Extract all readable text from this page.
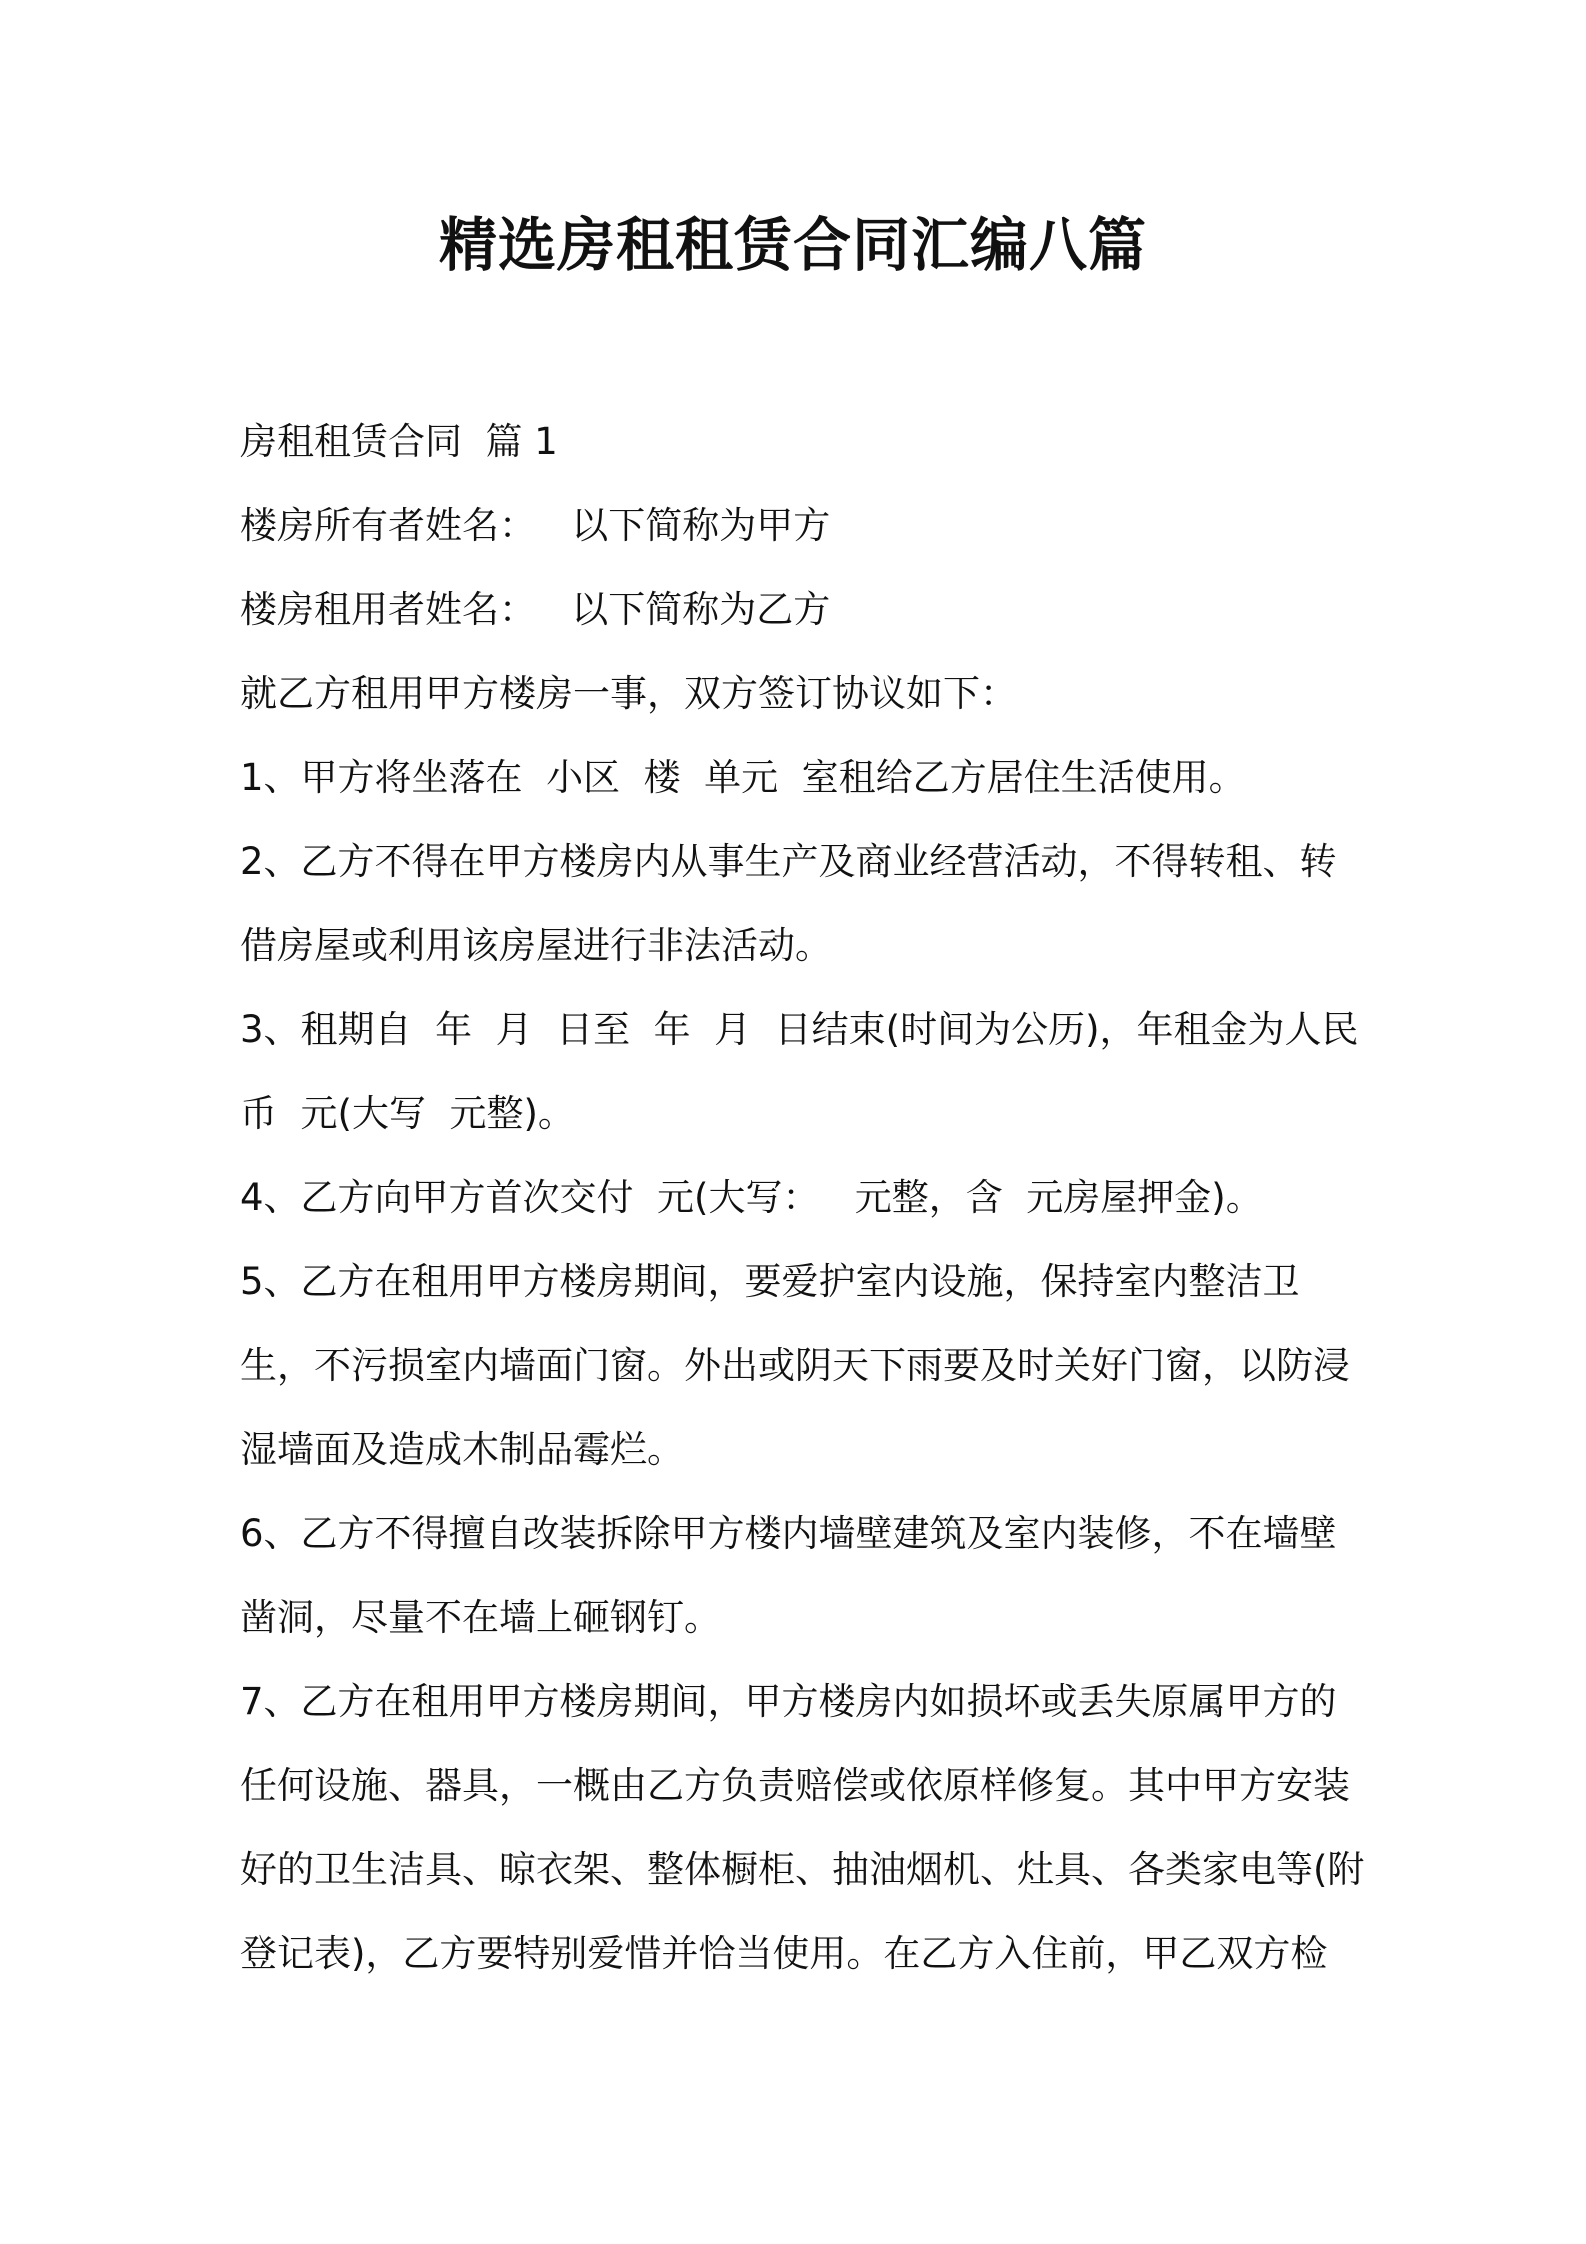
精选房租租赁合同汇编八篇

房租租赁合同  篇 1

楼房所有者姓名：   以下简称为甲方

楼房租用者姓名：   以下简称为乙方

就乙方租用甲方楼房一事，双方签订协议如下：

1、甲方将坐落在  小区  楼  单元  室租给乙方居住生活使用。

2、乙方不得在甲方楼房内从事生产及商业经营活动，不得转租、转借房屋或利用该房屋进行非法活动。

3、租期自  年  月  日至  年  月  日结束(时间为公历)，年租金为人民币  元(大写  元整)。

4、乙方向甲方首次交付  元(大写：   元整，含  元房屋押金)。

5、乙方在租用甲方楼房期间，要爱护室内设施，保持室内整洁卫生，不污损室内墙面门窗。外出或阴天下雨要及时关好门窗，以防浸湿墙面及造成木制品霉烂。

6、乙方不得擅自改装拆除甲方楼内墙壁建筑及室内装修，不在墙壁凿洞，尽量不在墙上砸钢钉。

7、乙方在租用甲方楼房期间，甲方楼房内如损坏或丢失原属甲方的任何设施、器具，一概由乙方负责赔偿或依原样修复。其中甲方安装好的卫生洁具、晾衣架、整体橱柜、抽油烟机、灶具、各类家电等(附登记表)，乙方要特别爱惜并恰当使用。在乙方入住前，甲乙双方检
